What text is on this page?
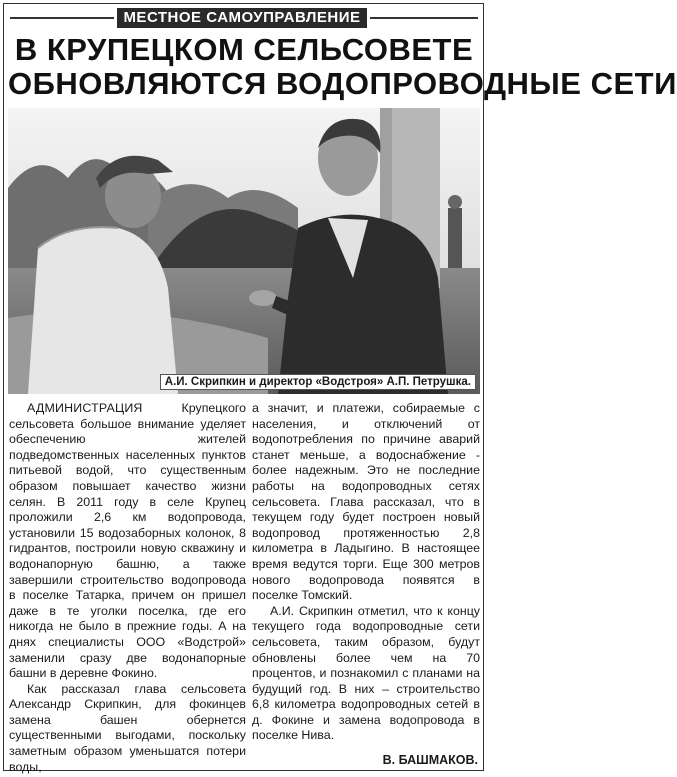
МЕСТНОЕ САМОУПРАВЛЕНИЕ
В КРУПЕЦКОМ СЕЛЬСОВЕТЕ
ОБНОВЛЯЮТСЯ ВОДОПРОВОДНЫЕ СЕТИ
А.И. Скрипкин и директор «Водстроя» А.П. Петрушка.

АДМИНИСТРАЦИЯ Крупецкого сельсовета большое внимание уделяет обеспечению жителей подведомственных населенных пунктов питьевой водой, что существенным образом повышает качество жизни селян. В 2011 году в селе Крупец проложили 2,6 км водопровода, установили 15 водозаборных колонок, 8 гидрантов, построили новую скважину и водонапорную башню, а также завершили строительство водопровода в поселке Татарка, причем он пришел даже в те уголки поселка, где его никогда не было в прежние годы. А на днях специалисты ООО «Водстрой» заменили сразу две водонапорные башни в деревне Фокино.

Как рассказал глава сельсовета Александр Скрипкин, для фокинцев замена башен обернется существенными выгодами, поскольку заметным образом уменьшатся потери воды,

а значит, и платежи, собираемые с населения, и отключений от водопотребления по причине аварий станет меньше, а водоснабжение - более надежным. Это не последние работы на водопроводных сетях сельсовета. Глава рассказал, что в текущем году будет построен новый водопровод протяженностью 2,8 километра в Ладыгино. В настоящее время ведутся торги. Еще 300 метров нового водопровода появятся в поселке Томский.

А.И. Скрипкин отметил, что к концу текущего года водопроводные сети сельсовета, таким образом, будут обновлены более чем на 70 процентов, и познакомил с планами на будущий год. В них – строительство 6,8 километра водопроводных сетей в д. Фокине и замена водопровода в поселке Нива.

В. БАШМАКОВ.
